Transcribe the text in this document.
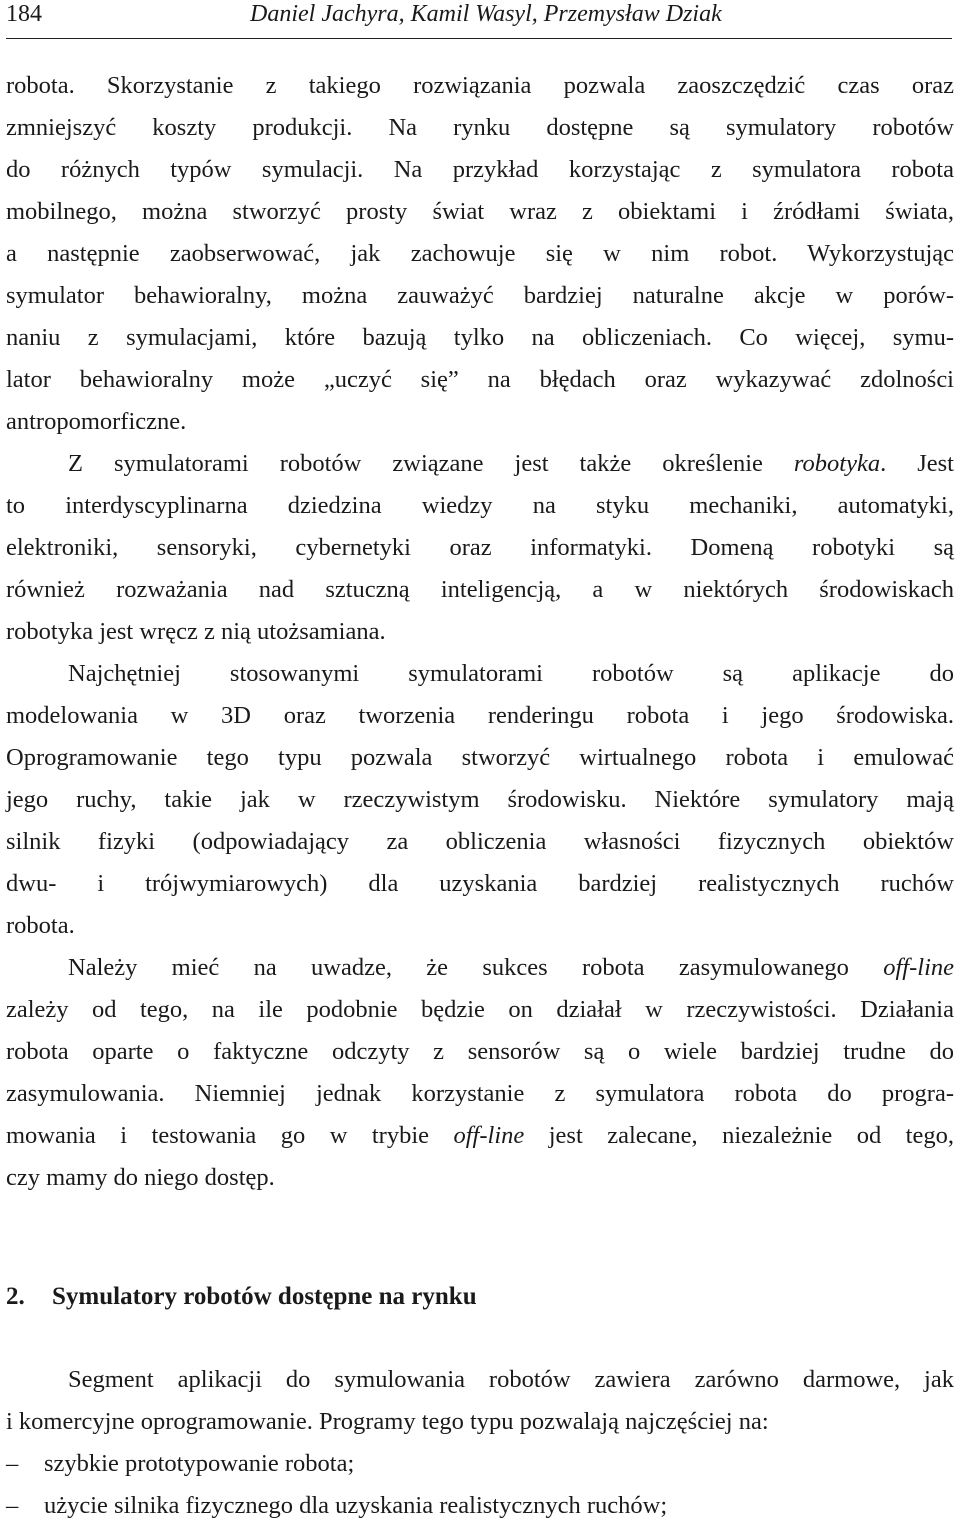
184	Daniel Jachyra, Kamil Wasyl, Przemysław Dziak
robota. Skorzystanie z takiego rozwiązania pozwala zaoszczędzić czas oraz
zmniejszyć koszty produkcji. Na rynku dostępne są symulatory robotów
do różnych typów symulacji. Na przykład korzystając z symulatora robota
mobilnego, można stworzyć prosty świat wraz z obiektami i źródłami świata,
a następnie zaobserwować, jak zachowuje się w nim robot. Wykorzystując
symulator behawioralny, można zauważyć bardziej naturalne akcje w porów-
naniu z symulacjami, które bazują tylko na obliczeniach. Co więcej, symu-
lator behawioralny może „uczyć się” na błędach oraz wykazywać zdolności
antropomorficzne.
Z symulatorami robotów związane jest także określenie robotyka. Jest
to interdyscyplinarna dziedzina wiedzy na styku mechaniki, automatyki,
elektroniki, sensoryki, cybernetyki oraz informatyki. Domeną robotyki są
również rozważania nad sztuczną inteligencją, a w niektórych środowiskach
robotyka jest wręcz z nią utożsamiana.
Najchętniej stosowanymi symulatorami robotów są aplikacje do
modelowania w 3D oraz tworzenia renderingu robota i jego środowiska.
Oprogramowanie tego typu pozwala stworzyć wirtualnego robota i emulować
jego ruchy, takie jak w rzeczywistym środowisku. Niektóre symulatory mają
silnik fizyki (odpowiadający za obliczenia własności fizycznych obiektów
dwu- i trójwymiarowych) dla uzyskania bardziej realistycznych ruchów
robota.
Należy mieć na uwadze, że sukces robota zasymulowanego off-line
zależy od tego, na ile podobnie będzie on działał w rzeczywistości. Działania
robota oparte o faktyczne odczyty z sensorów są o wiele bardziej trudne do
zasymulowania. Niemniej jednak korzystanie z symulatora robota do progra-
mowania i testowania go w trybie off-line jest zalecane, niezależnie od tego,
czy mamy do niego dostęp.
2. Symulatory robotów dostępne na rynku
Segment aplikacji do symulowania robotów zawiera zarówno darmowe, jak
i komercyjne oprogramowanie. Programy tego typu pozwalają najczęściej na:
– szybkie prototypowanie robota;
– użycie silnika fizycznego dla uzyskania realistycznych ruchów;
